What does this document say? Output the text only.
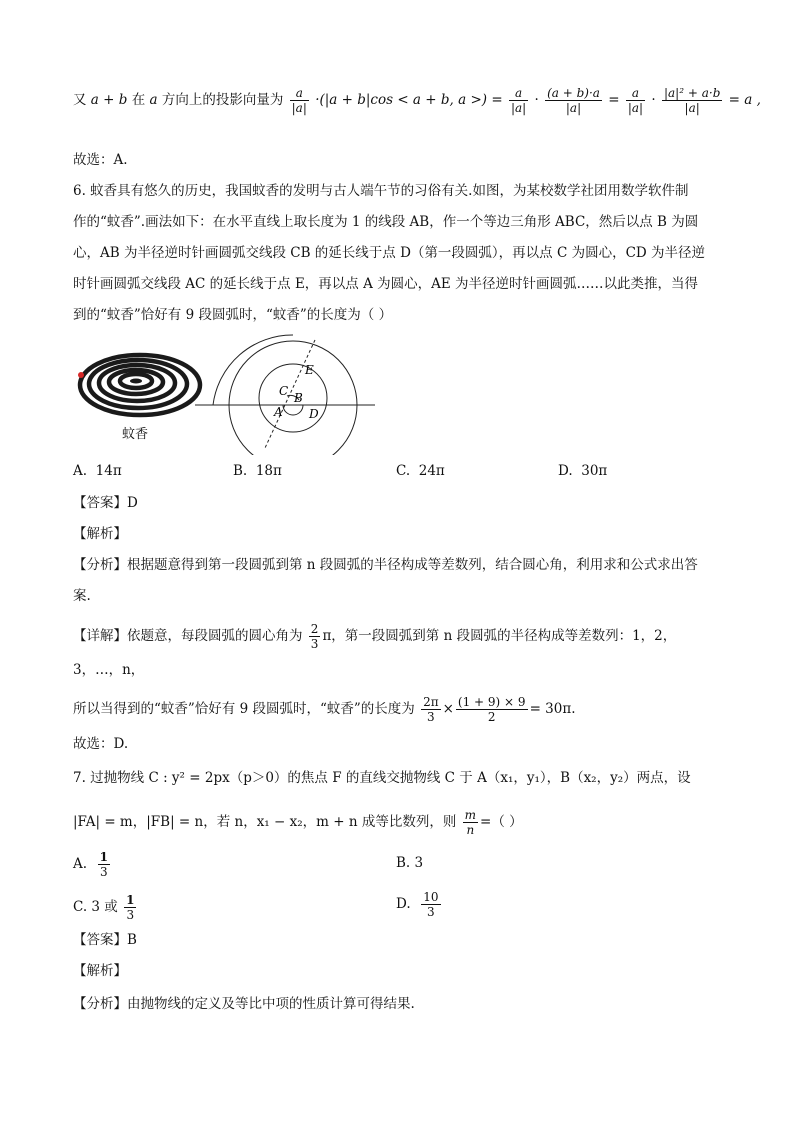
又 a + b 在 a 方向上的投影向量为 $\frac{a}{|a|} \cdot(|a + b|\cos < a + b$, a >) = $\frac{a}{|a|} \cdot \frac{(a + b)\cdot a}{|a|} = \frac{a}{|a|} \cdot \frac{\text{|a|² + a·b}}{|a|} = a$ ,
故选：A.
6. 蚊香具有悠久的历史，我国蚊香的发明与古人端午节的习俗有关.如图，为某校数学社团用数学软件制
作的“蚊香”.画法如下：在水平直线上取长度为 1 的线段 AB，作一个等边三角形 ABC，然后以点 B 为圆
心，AB 为半径逆时针画圆弧交线段 CB 的延长线于点 D（第一段圆弧），再以点 C 为圆心，CD 为半径逆
时针画圆弧交线段 AC 的延长线于点 E，再以点 A 为圆心，AE 为半径逆时针画圆弧……以此类推，当得
到的“蚊香”恰好有 9 段圆弧时，“蚊香”的长度为（ ）
蚊香
C B
A D
E
A. 14π	B. 18π	C. 24π	D. 30π
【答案】D
【解析】
【分析】根据题意得到第一段圆弧到第 n 段圆弧的半径构成等差数列，结合圆心角，利用求和公式求出答
案.
【详解】依题意，每段圆弧的圆心角为 $\frac{2}{3}$ π，第一段圆弧到第 n 段圆弧的半径构成等差数列：1，2，
3，…，n，
所以当得到的“蚊香”恰好有 9 段圆弧时，“蚊香”的长度为 $\frac{2\pi}{3} \times \frac{(1 + 9) \times 9}{2} = 30\pi$.
故选：D.
7. 过抛物线 C : y² = 2px（p＞0）的焦点 F 的直线交抛物线 C 于 A（x₁，y₁），B（x₂，y₂）两点，设
|FA| = m，|FB| = n，若 n，x₁ − x₂，m + n 成等比数列，则 $\frac{m}{n}$ =（ ）
A. $\frac{1}{3}$	B. 3
C. 3 或 $\frac{1}{3}$	D. $\frac{10}{3}$
【答案】B
【解析】
【分析】由抛物线的定义及等比中项的性质计算可得结果.
